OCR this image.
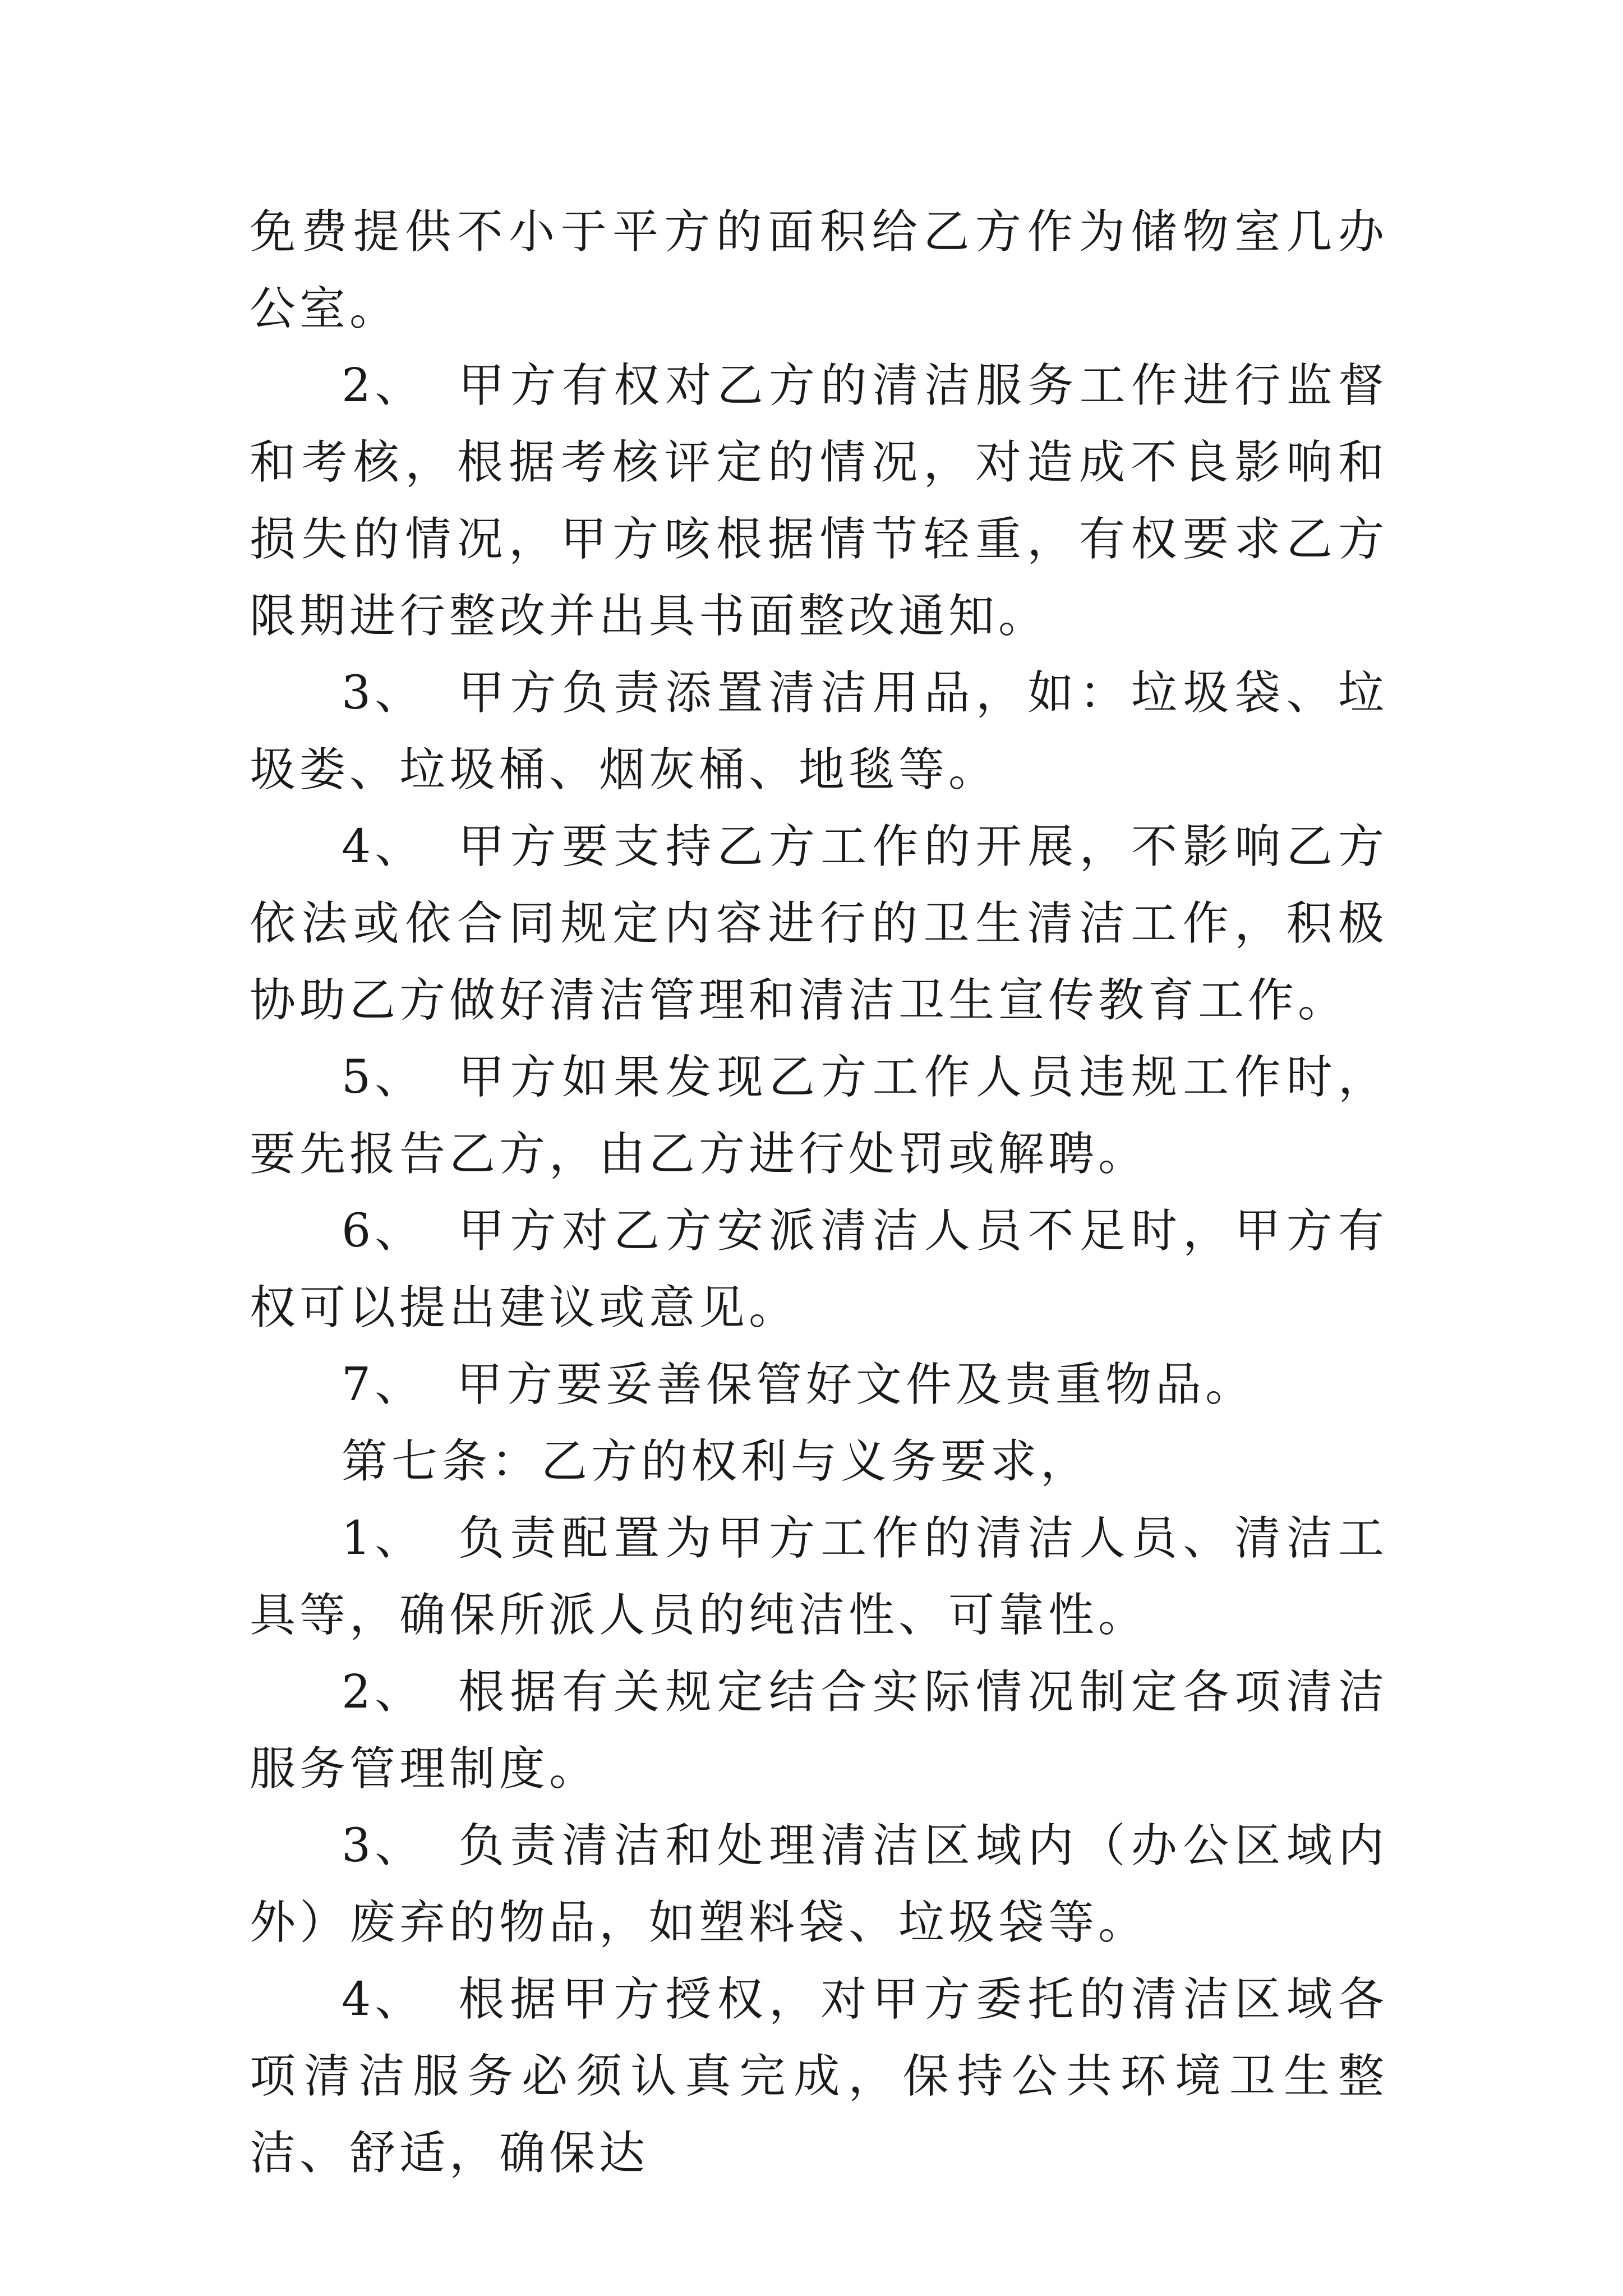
免费提供不小于平方的面积给乙方作为储物室几办公室。

2、 甲方有权对乙方的清洁服务工作进行监督和考核，根据考核评定的情况，对造成不良影响和损失的情况，甲方咳根据情节轻重，有权要求乙方限期进行整改并出具书面整改通知。

3、 甲方负责添置清洁用品，如：垃圾袋、垃圾娄、垃圾桶、烟灰桶、地毯等。

4、 甲方要支持乙方工作的开展，不影响乙方依法或依合同规定内容进行的卫生清洁工作，积极协助乙方做好清洁管理和清洁卫生宣传教育工作。

5、 甲方如果发现乙方工作人员违规工作时，要先报告乙方，由乙方进行处罚或解聘。

6、 甲方对乙方安派清洁人员不足时，甲方有权可以提出建议或意见。

7、 甲方要妥善保管好文件及贵重物品。

第七条：乙方的权利与义务要求，

1、 负责配置为甲方工作的清洁人员、清洁工具等，确保所派人员的纯洁性、可靠性。

2、 根据有关规定结合实际情况制定各项清洁服务管理制度。

3、 负责清洁和处理清洁区域内（办公区域内外）废弃的物品，如塑料袋、垃圾袋等。

4、 根据甲方授权，对甲方委托的清洁区域各项清洁服务必须认真完成，保持公共环境卫生整洁、舒适，确保达
